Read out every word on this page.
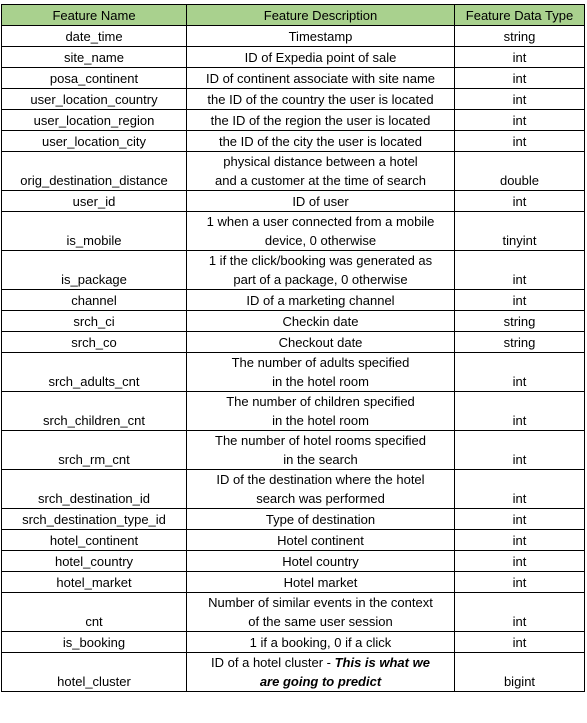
Feature Name	Feature Description	Feature Data Type
date_time	Timestamp	string
site_name	ID of Expedia point of sale	int
posa_continent	ID of continent associate with site name	int
user_location_country	the ID of the country the user is located	int
user_location_region	the ID of the region the user is located	int
user_location_city	the ID of the city the user is located	int
orig_destination_distance	physical distance between a hotel
and a customer at the time of search	double
user_id	ID of user	int
is_mobile	1 when a user connected from a mobile
device, 0 otherwise	tinyint
is_package	1 if the click/booking was generated as
part of a package, 0 otherwise	int
channel	ID of a marketing channel	int
srch_ci	Checkin date	string
srch_co	Checkout date	string
srch_adults_cnt	The number of adults specified
in the hotel room	int
srch_children_cnt	The number of children specified
in the hotel room	int
srch_rm_cnt	The number of hotel rooms specified
in the search	int
srch_destination_id	ID of the destination where the hotel
search was performed	int
srch_destination_type_id	Type of destination	int
hotel_continent	Hotel continent	int
hotel_country	Hotel country	int
hotel_market	Hotel market	int
cnt	Number of similar events in the context
of the same user session	int
is_booking	1 if a booking, 0 if a click	int
hotel_cluster	ID of a hotel cluster - This is what we
are going to predict	bigint
